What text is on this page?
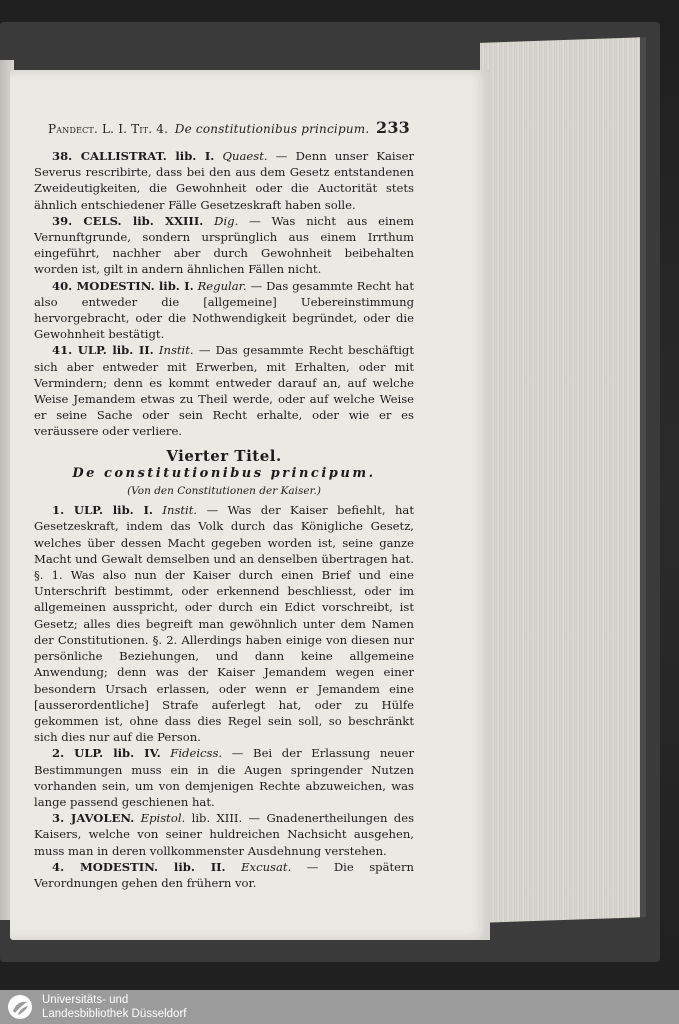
Pandect. L. I. Tit. 4. De constitutionibus principum. 233

38. CALLISTRAT. lib. I. Quaest. — Denn unser Kaiser Severus rescribirte, dass bei den aus dem Gesetz entstandenen Zweideutigkeiten, die Gewohnheit oder die Auctorität stets ähnlich entschiedener Fälle Gesetzeskraft haben solle.

39. CELS. lib. XXIII. Dig. — Was nicht aus einem Vernunftgrunde, sondern ursprünglich aus einem Irrthum eingeführt, nachher aber durch Gewohnheit beibehalten worden ist, gilt in andern ähnlichen Fällen nicht.

40. MODESTIN. lib. I. Regular. — Das gesammte Recht hat also entweder die [allgemeine] Uebereinstimmung hervorgebracht, oder die Nothwendigkeit begründet, oder die Gewohnheit bestätigt.

41. ULP. lib. II. Instit. — Das gesammte Recht beschäftigt sich aber entweder mit Erwerben, mit Erhalten, oder mit Vermindern; denn es kommt entweder darauf an, auf welche Weise Jemandem etwas zu Theil werde, oder auf welche Weise er seine Sache oder sein Recht erhalte, oder wie er es veräussere oder verliere.

Vierter Titel.
De constitutionibus principum.
(Von den Constitutionen der Kaiser.)

1. ULP. lib. I. Instit. — Was der Kaiser befiehlt, hat Gesetzeskraft, indem das Volk durch das Königliche Gesetz, welches über dessen Macht gegeben worden ist, seine ganze Macht und Gewalt demselben und an denselben übertragen hat. §. 1. Was also nun der Kaiser durch einen Brief und eine Unterschrift bestimmt, oder erkennend beschliesst, oder im allgemeinen ausspricht, oder durch ein Edict vorschreibt, ist Gesetz; alles dies begreift man gewöhnlich unter dem Namen der Constitutionen. §. 2. Allerdings haben einige von diesen nur persönliche Beziehungen, und dann keine allgemeine Anwendung; denn was der Kaiser Jemandem wegen einer besondern Ursach erlassen, oder wenn er Jemandem eine [ausserordentliche] Strafe auferlegt hat, oder zu Hülfe gekommen ist, ohne dass dies Regel sein soll, so beschränkt sich dies nur auf die Person.

2. ULP. lib. IV. Fideicss. — Bei der Erlassung neuer Bestimmungen muss ein in die Augen springender Nutzen vorhanden sein, um von demjenigen Rechte abzuweichen, was lange passend geschienen hat.

3. JAVOLEN. Epistol. lib. XIII. — Gnadenertheilungen des Kaisers, welche von seiner huldreichen Nachsicht ausgehen, muss man in deren vollkommenster Ausdehnung verstehen.

4. MODESTIN. lib. II. Excusat. — Die spätern Verordnungen gehen den frühern vor.

Universitäts- und
Landesbibliothek Düsseldorf
